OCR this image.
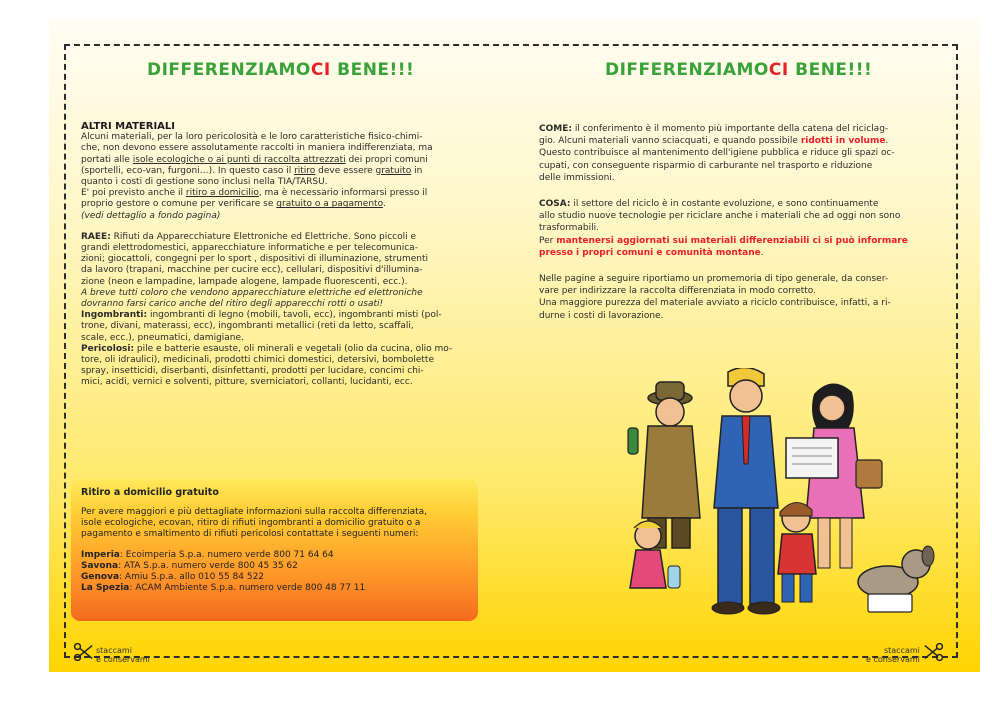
DIFFERENZIAMOCI BENE!!!	DIFFERENZIAMOCI BENE!!!

ALTRI MATERIALI

Alcuni materiali, per la loro pericolosità e le loro caratteristiche fisico-chimi-

che, non devono essere assolutamente raccolti in maniera indifferenziata, ma

portati alle isole ecologiche o ai punti di raccolta attrezzati dei propri comuni

(sportelli, eco-van, furgoni…). In questo caso il ritiro deve essere gratuito in

quanto i costi di gestione sono inclusi nella TIA/TARSU.

E' poi previsto anche il ritiro a domicilio, ma è necessario informarsi presso il

proprio gestore o comune per verificare se gratuito o a pagamento.

(vedi dettaglio a fondo pagina)

RAEE: Rifiuti da Apparecchiature Elettroniche ed Elettriche. Sono piccoli e

grandi elettrodomestici, apparecchiature informatiche e per telecomunica-

zioni; giocattoli, congegni per lo sport , dispositivi di illuminazione, strumenti

da lavoro (trapani, macchine per cucire ecc), cellulari, dispositivi d'illumina-

zione (neon e lampadine, lampade alogene, lampade fluorescenti, ecc.).

A breve tutti coloro che vendono apparecchiature elettriche ed elettroniche

dovranno farsi carico anche del ritiro degli apparecchi rotti o usati!

Ingombranti: ingombranti di legno (mobili, tavoli, ecc), ingombranti misti (pol-

trone, divani, materassi, ecc), ingombranti metallici (reti da letto, scaffali,

scale, ecc.), pneumatici, damigiane.

Pericolosi: pile e batterie esauste, oli minerali e vegetali (olio da cucina, olio mo-

tore, oli idraulici), medicinali, prodotti chimici domestici, detersivi, bombolette

spray, insetticidi, diserbanti, disinfettanti, prodotti per lucidare, concimi chi-

mici, acidi, vernici e solventi, pitture, sverniciatori, collanti, lucidanti, ecc.

Ritiro a domicilio gratuito

Per avere maggiori e più dettagliate informazioni sulla raccolta differenziata,

isole ecologiche, ecovan, ritiro di rifiuti ingombranti a domicilio gratuito o a

pagamento e smaltimento di rifiuti pericolosi contattate i seguenti numeri:

Imperia: Ecoimperia S.p.a. numero verde 800 71 64 64

Savona: ATA S.p.a. numero verde 800 45 35 62

Genova: Amiu S.p.a. allo 010 55 84 522

La Spezia: ACAM Ambiente S.p.a. numero verde 800 48 77 11

COME: il conferimento è il momento più importante della catena del riciclag-

gio. Alcuni materiali vanno sciacquati, e quando possibile ridotti in volume.

Questo contribuisce al mantenimento dell'igiene pubblica e riduce gli spazi oc-

cupati, con conseguente risparmio di carburante nel trasporto e riduzione

delle immissioni.

COSA: il settore del riciclo è in costante evoluzione, e sono continuamente

allo studio nuove tecnologie per riciclare anche i materiali che ad oggi non sono

trasformabili.

Per mantenersi aggiornati sui materiali differenziabili ci si può informare

presso i propri comuni e comunità montane.

Nelle pagine a seguire riportiamo un promemoria di tipo generale, da conser-

vare per indirizzare la raccolta differenziata in modo corretto.

Una maggiore purezza del materiale avviato a riciclo contribuisce, infatti, a ri-

durne i costi di lavorazione.

staccami
e conservami
staccami
e conservami
